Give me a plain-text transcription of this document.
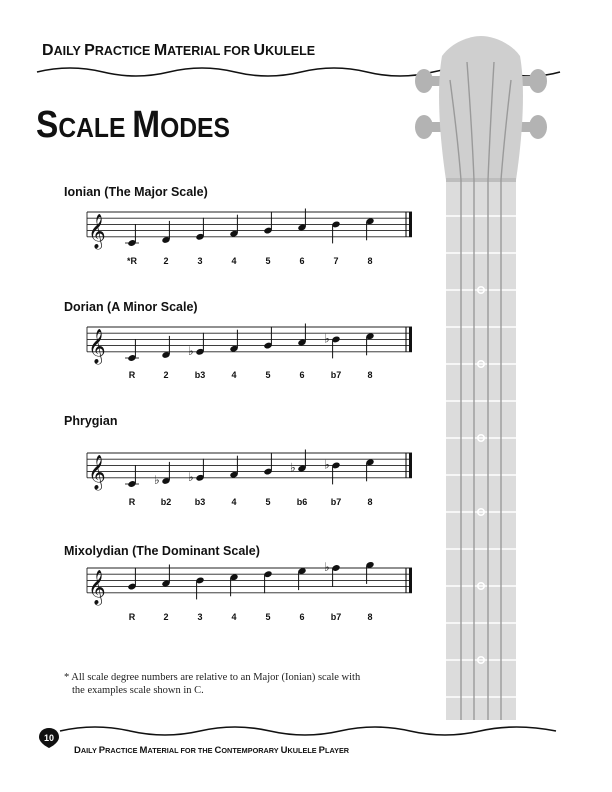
DAILY PRACTICE MATERIAL FOR UKULELE
SCALE MODES
Ionian (The Major Scale)
Dorian (A Minor Scale)
Phrygian
Mixolydian (The Dominant Scale)
𝄞
𝄞	♭
♭
𝄞	♭ ♭
♭ ♭
𝄞
♭
*R	2	3	4	5	6	7	8
R	2	b3	4	5	6	b7	8
R	b2	b3	4	5	b6	b7	8
R	2	3	4	5	6	b7	8
* All scale degree numbers are relative to an Major (Ionian) scale with
the examples scale shown in C.
10
DAILY PRACTICE MATERIAL FOR THE CONTEMPORARY UKULELE PLAYER
